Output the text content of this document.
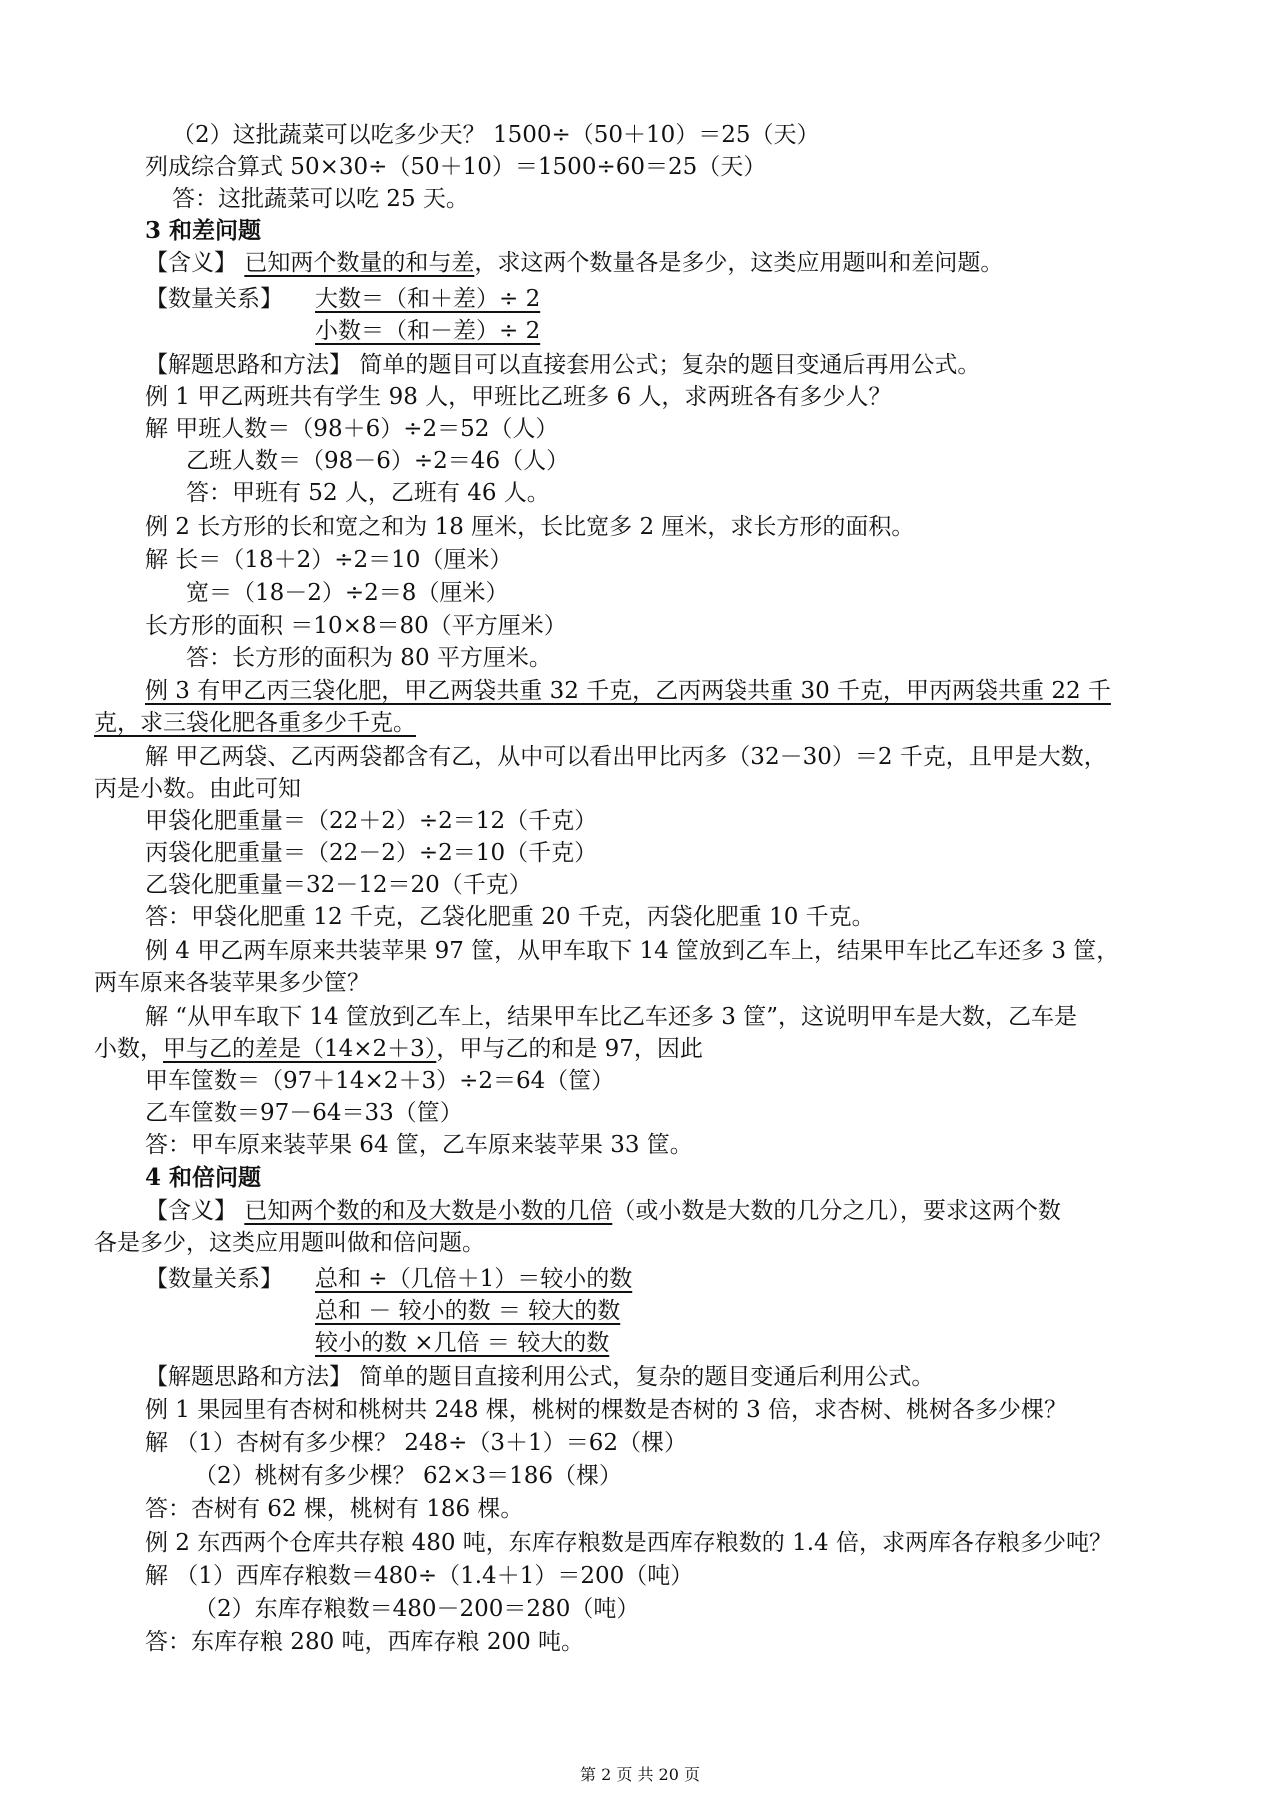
（2）这批蔬菜可以吃多少天？ 1500÷（50＋10）＝25（天）
列成综合算式 50×30÷（50＋10）＝1500÷60＝25（天）
答：这批蔬菜可以吃 25 天。
3 和差问题
【含义】 已知两个数量的和与差，求这两个数量各是多少，这类应用题叫和差问题。
【数量关系】 大数＝（和＋差）÷ 2
小数＝（和－差）÷ 2
【解题思路和方法】 简单的题目可以直接套用公式；复杂的题目变通后再用公式。
例 1 甲乙两班共有学生 98 人，甲班比乙班多 6 人，求两班各有多少人？
解 甲班人数＝（98＋6）÷2＝52（人）
乙班人数＝（98－6）÷2＝46（人）
答：甲班有 52 人，乙班有 46 人。
例 2 长方形的长和宽之和为 18 厘米，长比宽多 2 厘米，求长方形的面积。
解 长＝（18＋2）÷2＝10（厘米）
宽＝（18－2）÷2＝8（厘米）
长方形的面积 ＝10×8＝80（平方厘米）
答：长方形的面积为 80 平方厘米。
例 3 有甲乙丙三袋化肥，甲乙两袋共重 32 千克，乙丙两袋共重 30 千克，甲丙两袋共重 22 千
克，求三袋化肥各重多少千克。
解 甲乙两袋、乙丙两袋都含有乙，从中可以看出甲比丙多（32－30）＝2 千克，且甲是大数，
丙是小数。由此可知
甲袋化肥重量＝（22＋2）÷2＝12（千克）
丙袋化肥重量＝（22－2）÷2＝10（千克）
乙袋化肥重量＝32－12＝20（千克）
答：甲袋化肥重 12 千克，乙袋化肥重 20 千克，丙袋化肥重 10 千克。
例 4 甲乙两车原来共装苹果 97 筐，从甲车取下 14 筐放到乙车上，结果甲车比乙车还多 3 筐，
两车原来各装苹果多少筐？
解 “从甲车取下 14 筐放到乙车上，结果甲车比乙车还多 3 筐”，这说明甲车是大数，乙车是
小数，甲与乙的差是（14×2＋3），甲与乙的和是 97，因此
甲车筐数＝（97＋14×2＋3）÷2＝64（筐）
乙车筐数＝97－64＝33（筐）
答：甲车原来装苹果 64 筐，乙车原来装苹果 33 筐。
4 和倍问题
【含义】 已知两个数的和及大数是小数的几倍（或小数是大数的几分之几），要求这两个数
各是多少，这类应用题叫做和倍问题。
【数量关系】 总和 ÷（几倍＋1）＝较小的数
总和 － 较小的数 ＝ 较大的数
较小的数 ×几倍 ＝ 较大的数
【解题思路和方法】 简单的题目直接利用公式，复杂的题目变通后利用公式。
例 1 果园里有杏树和桃树共 248 棵，桃树的棵数是杏树的 3 倍，求杏树、桃树各多少棵？
解 （1）杏树有多少棵？ 248÷（3＋1）＝62（棵）
（2）桃树有多少棵？ 62×3＝186（棵）
答：杏树有 62 棵，桃树有 186 棵。
例 2 东西两个仓库共存粮 480 吨，东库存粮数是西库存粮数的 1.4 倍，求两库各存粮多少吨？
解 （1）西库存粮数＝480÷（1.4＋1）＝200（吨）
（2）东库存粮数＝480－200＝280（吨）
答：东库存粮 280 吨，西库存粮 200 吨。
第 2 页 共 20 页
